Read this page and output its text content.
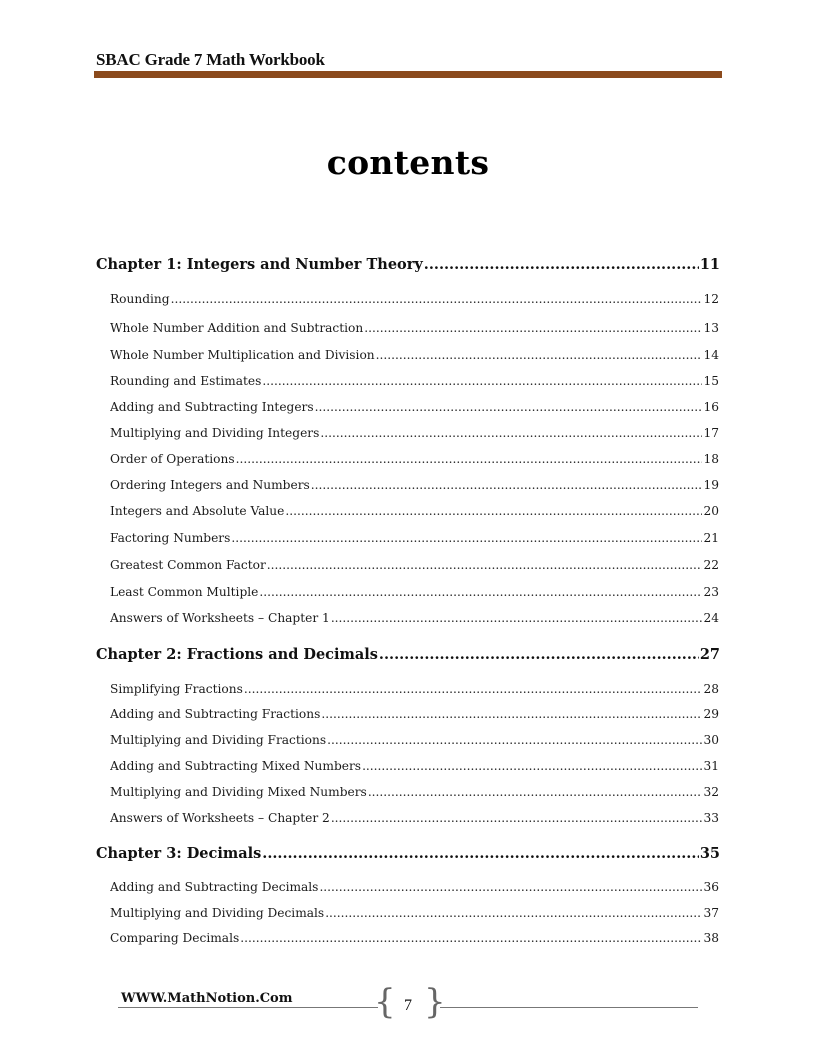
SBAC Grade 7 Math Workbook
contents
Chapter 1: Integers and Number Theory .....	11
Rounding .....	12
Whole Number Addition and Subtraction .....	13
Whole Number Multiplication and Division .....	14
Rounding and Estimates .....	15
Adding and Subtracting Integers .....	16
Multiplying and Dividing Integers .....	17
Order of Operations .....	18
Ordering Integers and Numbers .....	19
Integers and Absolute Value .....	20
Factoring Numbers .....	21
Greatest Common Factor .....	22
Least Common Multiple .....	23
Answers of Worksheets – Chapter 1 .....	24
Chapter 2: Fractions and Decimals .....	27
Simplifying Fractions .....	28
Adding and Subtracting Fractions .....	29
Multiplying and Dividing Fractions .....	30
Adding and Subtracting Mixed Numbers .....	31
Multiplying and Dividing Mixed Numbers .....	32
Answers of Worksheets – Chapter 2 .....	33
Chapter 3: Decimals .....	35
Adding and Subtracting Decimals .....	36
Multiplying and Dividing Decimals .....	37
Comparing Decimals .....	38
WWW.MathNotion.Com { 7 }
